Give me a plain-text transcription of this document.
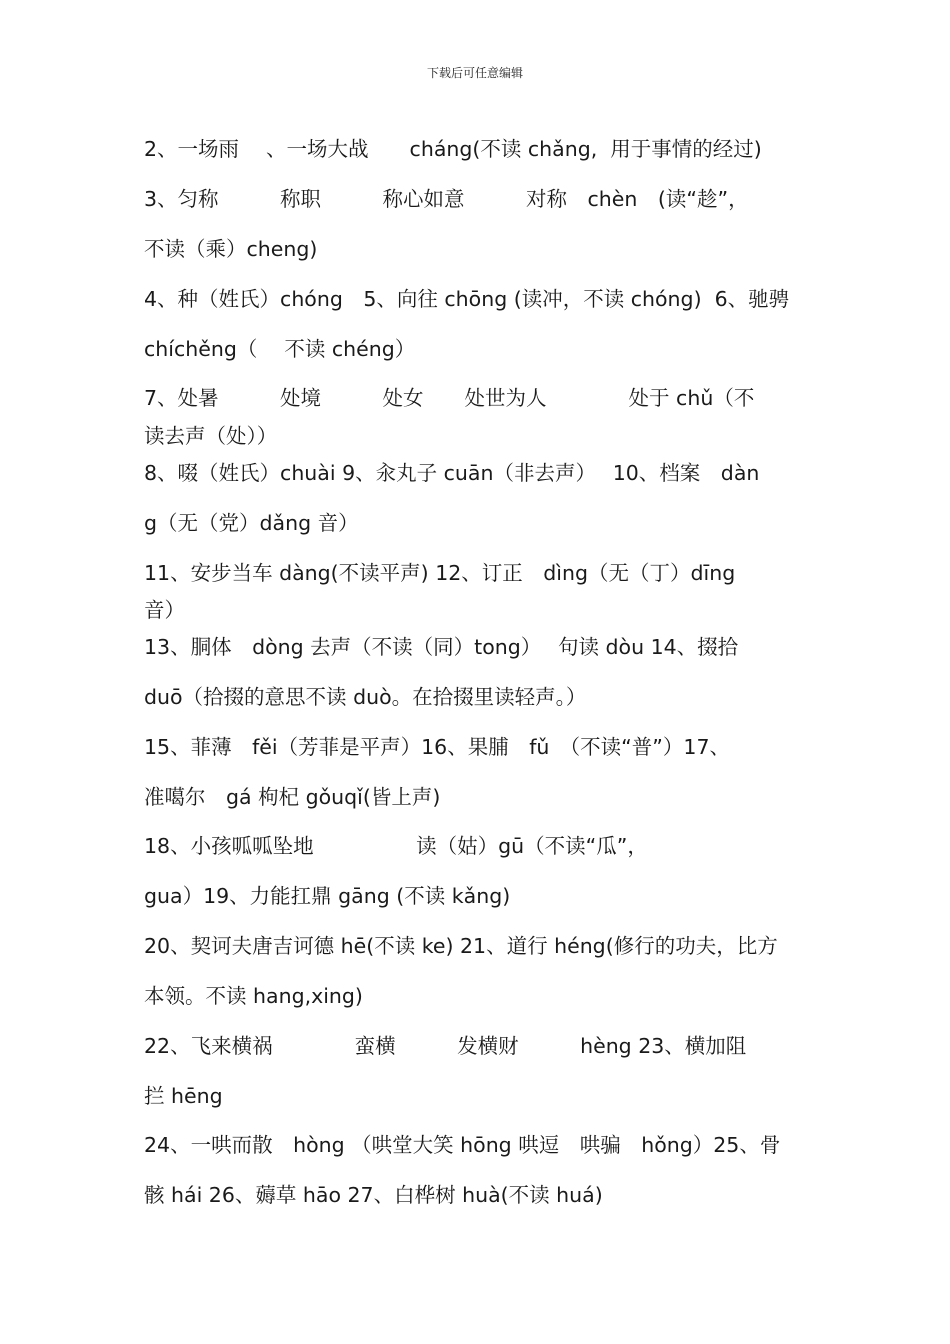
下载后可任意编辑
2、一场雨　 、一场大战　　cháng(不读 chǎng,  用于事情的经过)
3、匀称　　　称职　　　称心如意　　　对称　chèn　(读“趁”，
不读（乘）cheng)
4、种（姓氏）chóng　5、向往 chōng (读冲，不读 chóng)  6、驰骋
chíchěng（　 不读 chéng）
7、处暑　　　处境　　　处女　　处世为人　　　　处于 chǔ（不
读去声（处））
8、啜（姓氏）chuài 9、汆丸子 cuān（非去声）　 10、档案　dàn
g（无（党）dǎng 音）
11、安步当车 dàng(不读平声) 12、订正　dìng（无（丁）dīng
音）
13、胴体　dòng 去声（不读（同）tong）　 句读 dòu 14、掇拾
duō（拾掇的意思不读 duò。在拾掇里读轻声。）
15、菲薄　fěi（芳菲是平声）16、果脯　fǔ　（不读“普”）17、
准噶尔　gá 枸杞 gǒuqǐ(皆上声)
18、小孩呱呱坠地　　　　　读（姑）gū（不读“瓜”，
gua）19、力能扛鼎 gāng (不读 kǎng)
20、契诃夫唐吉诃德 hē(不读 ke) 21、道行 héng(修行的功夫，比方
本领。不读 hang,xing)
22、飞来横祸　　　　蛮横　　　发横财　　　hèng 23、横加阻
拦 hēng
24、一哄而散　hòng （哄堂大笑 hōng 哄逗　哄骗　hǒng）25、骨
骸 hái 26、薅草 hāo 27、白桦树 huà(不读 huá)
